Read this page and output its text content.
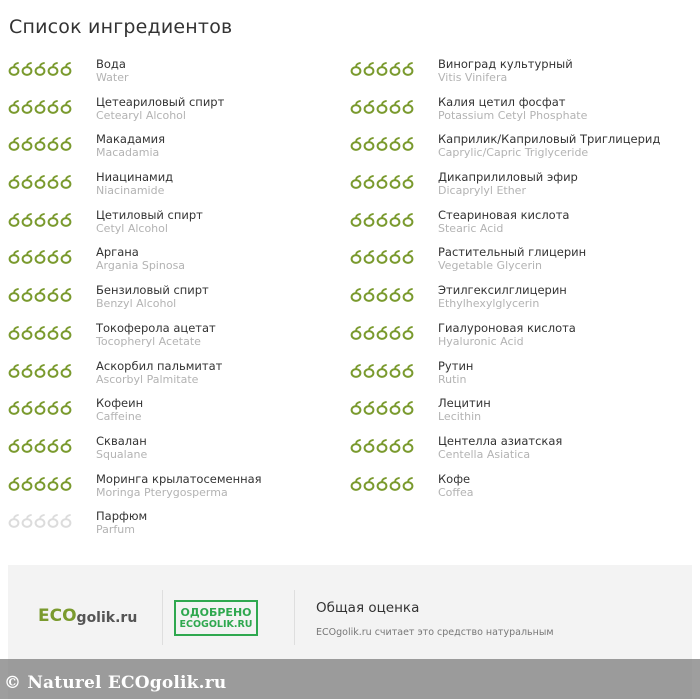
Список ингредиентов
Вода
Water
Цетеариловый спирт
Cetearyl Alcohol
Макадамия
Macadamia
Ниацинамид
Niacinamide
Цетиловый спирт
Cetyl Alcohol
Аргана
Argania Spinosa
Бензиловый спирт
Benzyl Alcohol
Токоферола ацетат
Tocopheryl Acetate
Аскорбил пальмитат
Ascorbyl Palmitate
Кофеин
Caffeine
Сквалан
Squalane
Моринга крылатосеменная
Moringa Pterygosperma
Парфюм
Parfum
Виноград культурный
Vitis Vinifera
Калия цетил фосфат
Potassium Cetyl Phosphate
Каприлик/Каприловый Триглицерид
Caprylic/Capric Triglyceride
Дикаприлиловый эфир
Dicaprylyl Ether
Стеариновая кислота
Stearic Acid
Растительный глицерин
Vegetable Glycerin
Этилгексилглицерин
Ethylhexylglycerin
Гиалуроновая кислота
Hyaluronic Acid
Рутин
Rutin
Лецитин
Lecithin
Центелла азиатская
Centella Asiatica
Кофе
Coffea
ECO golik.ru	ОДОБРЕНО
ECOGOLIK.RU
Общая оценка
ECOgolik.ru считает это средство натуральным
© Naturel ECOgolik.ru
